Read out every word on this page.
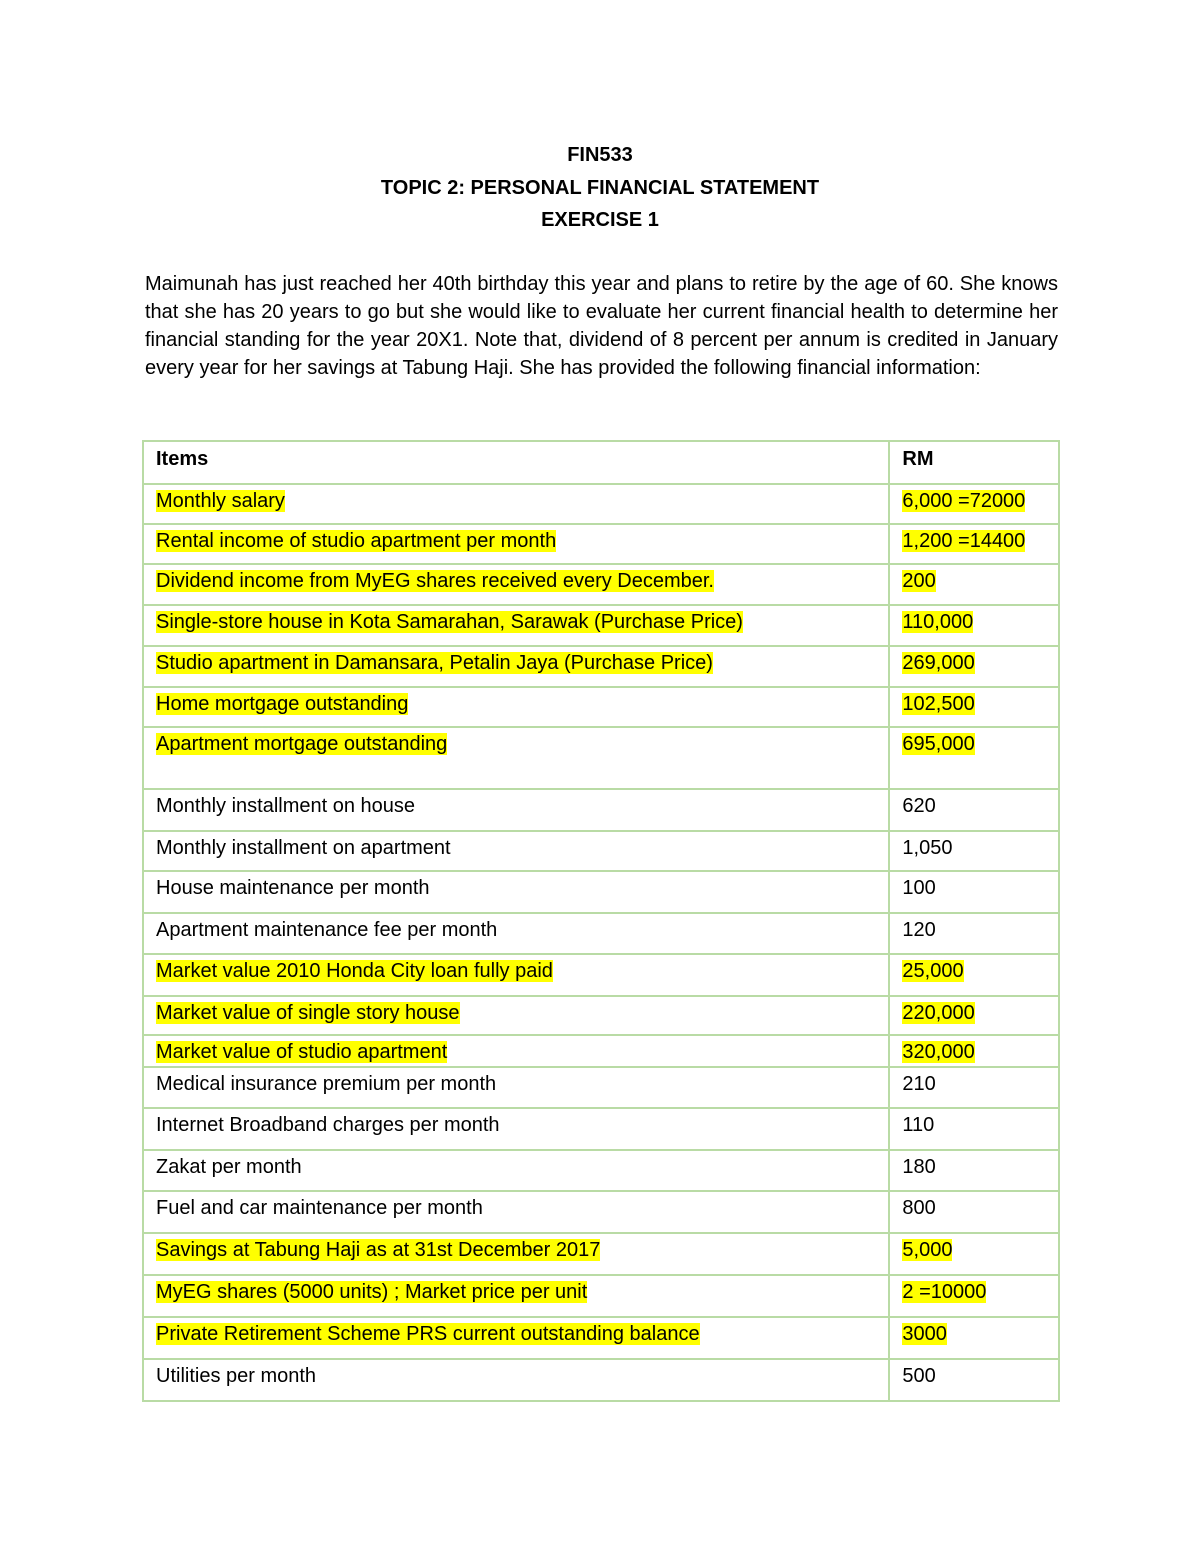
FIN533
TOPIC 2: PERSONAL FINANCIAL STATEMENT
EXERCISE 1

Maimunah has just reached her 40th birthday this year and plans to retire by the age of 60. She knows that she has 20 years to go but she would like to evaluate her current financial health to determine her financial standing for the year 20X1. Note that, dividend of 8 percent per annum is credited in January every year for her savings at Tabung Haji. She has provided the following financial information:

Items	RM
Monthly salary	6,000 =72000
Rental income of studio apartment per month	1,200 =14400
Dividend income from MyEG shares received every December.	200
Single-store house in Kota Samarahan, Sarawak (Purchase Price)	110,000
Studio apartment in Damansara, Petalin Jaya (Purchase Price)	269,000
Home mortgage outstanding	102,500
Apartment mortgage outstanding	695,000
Monthly installment on house	620
Monthly installment on apartment	1,050
House maintenance per month	100
Apartment maintenance fee per month	120
Market value 2010 Honda City loan fully paid	25,000
Market value of single story house	220,000
Market value of studio apartment	320,000
Medical insurance premium per month	210
Internet Broadband charges per month	110
Zakat per month	180
Fuel and car maintenance per month	800
Savings at Tabung Haji as at 31st December 2017	5,000
MyEG shares (5000 units) ; Market price per unit	2 =10000
Private Retirement Scheme PRS current outstanding balance	3000
Utilities per month	500
